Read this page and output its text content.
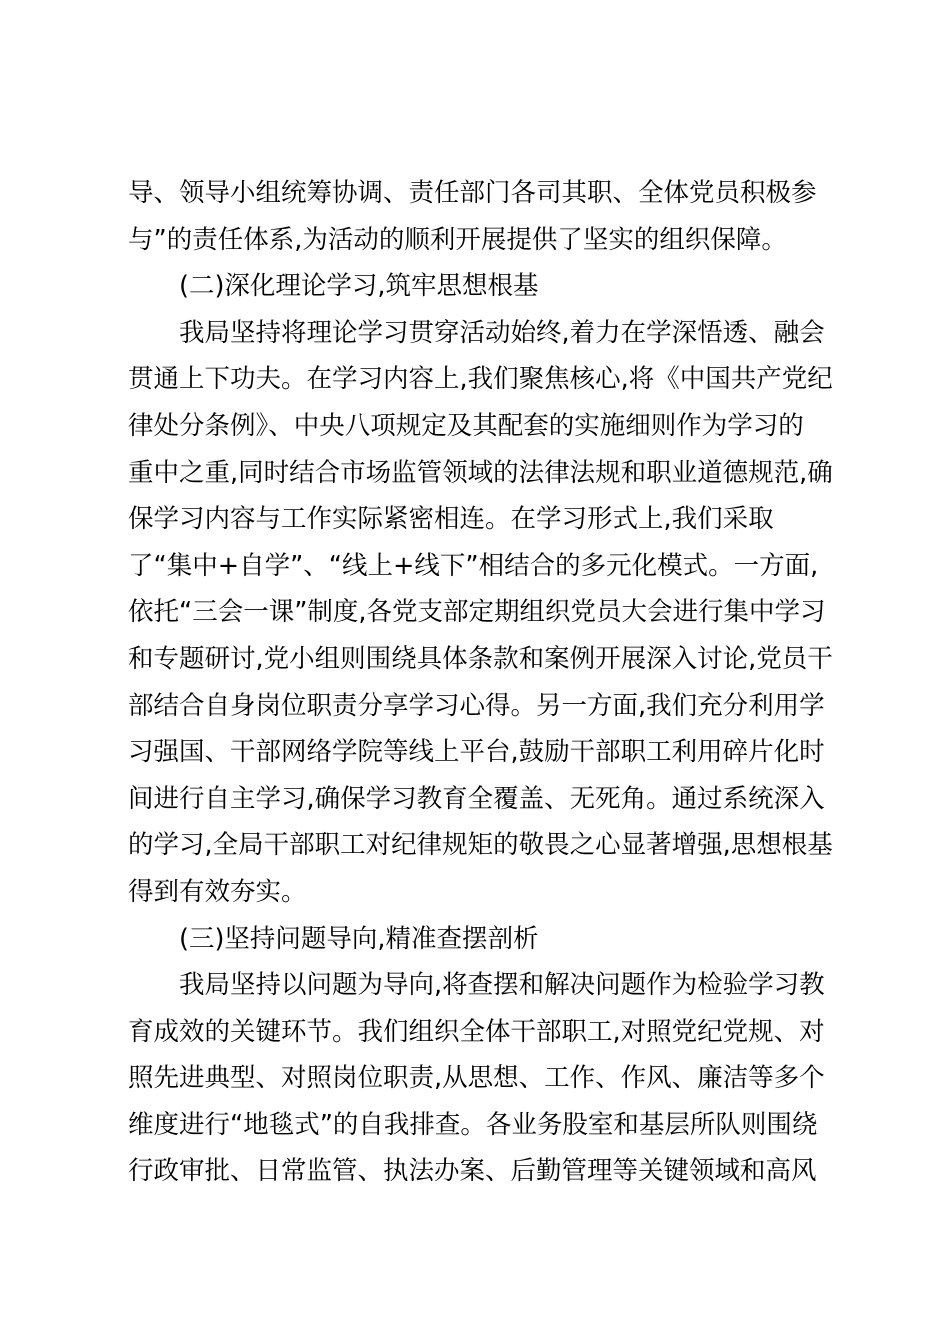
导、领导小组统筹协调、责任部门各司其职、全体党员积极参
与”的责任体系,为活动的顺利开展提供了坚实的组织保障。
(二)深化理论学习,筑牢思想根基
我局坚持将理论学习贯穿活动始终,着力在学深悟透、融会
贯通上下功夫。在学习内容上,我们聚焦核心,将《中国共产党纪
律处分条例》、中央八项规定及其配套的实施细则作为学习的
重中之重,同时结合市场监管领域的法律法规和职业道德规范,确
保学习内容与工作实际紧密相连。在学习形式上,我们采取
了“集中+自学”、“线上+线下”相结合的多元化模式。一方面,
依托“三会一课”制度,各党支部定期组织党员大会进行集中学习
和专题研讨,党小组则围绕具体条款和案例开展深入讨论,党员干
部结合自身岗位职责分享学习心得。另一方面,我们充分利用学
习强国、干部网络学院等线上平台,鼓励干部职工利用碎片化时
间进行自主学习,确保学习教育全覆盖、无死角。通过系统深入
的学习,全局干部职工对纪律规矩的敬畏之心显著增强,思想根基
得到有效夯实。
(三)坚持问题导向,精准查摆剖析
我局坚持以问题为导向,将查摆和解决问题作为检验学习教
育成效的关键环节。我们组织全体干部职工,对照党纪党规、对
照先进典型、对照岗位职责,从思想、工作、作风、廉洁等多个
维度进行“地毯式”的自我排查。各业务股室和基层所队则围绕
行政审批、日常监管、执法办案、后勤管理等关键领域和高风
